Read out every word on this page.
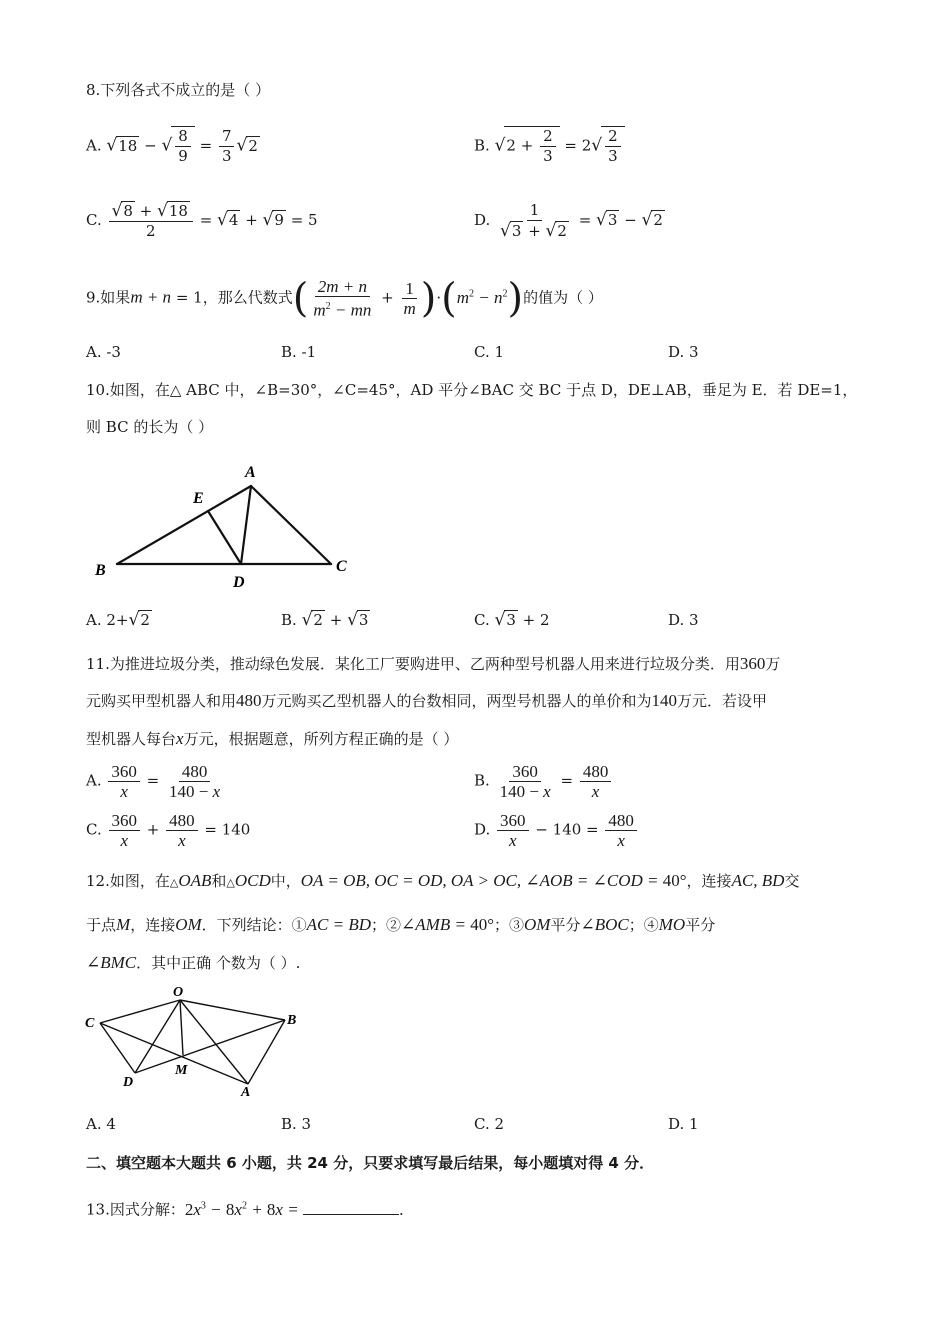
8.下列各式不成立的是（ ）
A. √18 − √ $\frac{8}{9} = \frac{7}{3} √2$	B. $√2 + \frac{2}{3} = 2√ \frac{2}{3}$
C. $\frac{√8 + √18}{2} = √4 + √9 = 5$	D. $\frac{1}{√3 + √2} = √3 - √2$
9.如果m + n = 1，那么代数式( $\frac{2m + n}{m^2 - mn} + \frac{1}{m} )\cdot(m^2 - n^2)$的值为（ ）
A. -3	B. -1	C. 1	D. 3
10.如图，在△ ABC 中，∠B=30°，∠C=45°，AD 平分∠BAC 交 BC 于点 D，DE⊥AB，垂足为 E．若 DE=1，
则 BC 的长为（ ）
A
B	C
D
E
A. 2+√2	B. √2 + √3	C. √3 + 2	D. 3
11.为推进垃圾分类，推动绿色发展．某化工厂要购进甲、乙两种型号机器人用来进行垃圾分类．用360万
元购买甲型机器人和用480万元购买乙型机器人的台数相同，两型号机器人的单价和为140万元．若设甲
型机器人每台x万元，根据题意，所列方程正确的是（ ）
A. $\frac{360}{x} = \frac{480}{140 - x}$	B. $\frac{360}{140 - x} = \frac{480}{x}$
C. $\frac{360}{x} + \frac{480}{x} = 140$	D. $\frac{360}{x} - 140 = \frac{480}{x}$
12.如图，在△OAB和△OCD中，OA = OB, OC = OD, OA > OC, ∠AOB = ∠COD = 40°，连接AC, BD交
于点M，连接OM．下列结论：①AC = BD；②∠AMB = 40°；③OM平分∠BOC；④MO平分
∠BMC．其中正确 个数为（ ）.
O
C	B
D
M
A
A. 4	B. 3	C. 2	D. 1
二、填空题本大题共 6 小题，共 24 分，只要求填写最后结果，每小题填对得 4 分．
13.因式分解：$2x^3 - 8x^2 + 8x$ =	．
